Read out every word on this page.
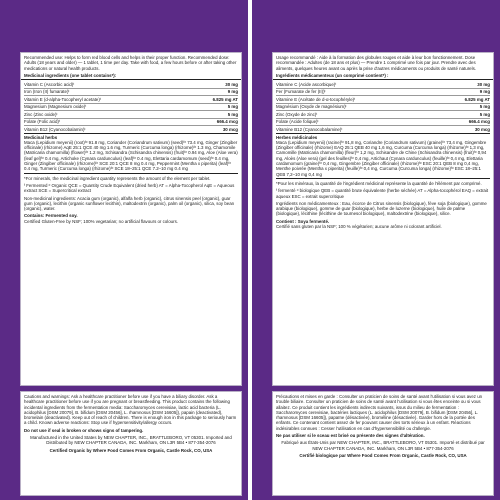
Recommended use: Helps to form red blood cells and helps in their proper function. Recommended dose: Adults (18 years and older) — 1 tablet, 1 time per day. Take with food, a few hours before or after taking other medications or natural health products.
Medicinal ingredients (one tablet contains*):
Vitamin C (Ascorbic acid)ᵗ	30 mg
Iron (Iron (II) fumarate)ᵗ	9 mg
Vitamin E (d-alpha-Tocopheryl acetate)ᵗ	6.825 mg AT
Magnesium (Magnesium oxide)ᵗ	5 mg
Zinc (Zinc oxide)ᵗ	5 mg
Folate (Folic acid)ᵗ	666.4 mcg
Vitamin B12 (Cyanocobalamin)ᵗ	30 mcg
Medicinal herbs
Maca (Lepidium meyenii) (root)ᶠᵒ 91.8 mg, Coriander (Coriandrum sativum) (seed)ᶠᵒ 73.4 mg, Ginger (Zingiber officinale) (rhizome) AqE 25:1 QCE 40 mg 1.6 mg, Turmeric (Curcuma longa) (rhizome)ᶠᵒ 1.3 mg, Chamomile (Matricaria chamomilla) (flower)ᶠᵒ 1.2 mg, Schisandra (Schisandra chinensis) (fruit)ᶠᵒ 0.94 mg, Aloe (Aloe vera) (leaf gel)ᶠᵒ 0.4 mg, Artichoke (Cynara cardunculus) (leaf)ᶠᵒ 0.4 mg, Elettaria cardamomum (seed)ᶠᵒ 0.4 mg, Ginger (Zingiber officinale) (rhizome)ᶠᵒ SCE 20:1 QCE 8 mg 0.4 mg, Peppermint (Mentha x piperita) (leaf)ᶠᵒ 0.4 mg, Turmeric (Curcuma longa) (rhizome)ᶠᵒ SCE 18–25:1 QCE 7.2–10 mg 0.4 mg
*For minerals, the medicinal ingredient quantity represents the amount of the element per tablet.
ᶠ Fermented ᵒ Organic QCE = Quantity Crude Equivalent (dried herb) AT = Alpha-Tocopherol AqE = Aqueous extract SCE = Supercritical extract
Non-medicinal ingredients: Acacia gum (organic), alfalfa herb (organic), citrus sinensis peel (organic), guar gum (organic), lecithin (organic sunflower lecithin), maltodextrin (organic), palm oil (organic), silica, soy bean (organic), water.
Contains: Fermented soy.
Certified Gluten-Free by NSF; 100% vegetarian; no artificial flavours or colours.
Cautions and warnings: Ask a healthcare practitioner before use if you have a biliary disorder. Ask a healthcare practitioner before use if you are pregnant or breastfeeding. This product contains the following incidental ingredients from the fermentation media: Saccharomyces cerevisiae, lactic acid bacteria (L. acidophilus [DSM 20079], B. bifidum [DSM 20456], L. rhamnosus [DSM 16605]), papain (deactivated), bromelain (deactivated). Keep out of reach of children. There is enough iron in this package to seriously harm a child. Known adverse reactions: Stop use if hypersensitivity/allergy occurs.
Do not use if seal is broken or shows signs of tampering.
Manufactured in the United States by NEW CHAPTER, INC., BRATTLEBORO, VT 05301. Imported and Distributed by NEW CHAPTER CANADA, INC. Markham, ON L3R 5B4 • 877-354-2076
Certified Organic by Where Food Comes From Organic, Castle Rock, CO, USA
Usage recommandé : Aide à la formation des globules rouges et aide à leur bon fonctionnement. Dose recommandée : Adultes (de 18 ans et plus) — Prendre 1 comprimé une fois par jour. Prendre avec des aliments, quelques heures avant ou après la prise d'autres médicaments ou produits de santé naturels.
Ingrédients médicamenteux (un comprimé contient*) :
Vitamine C (Acide ascorbique)ᵗ	30 mg
Fer (Fumarate de fer (II))ᵗ	9 mg
Vitamine E (Acétate de d-α-tocophéryle)ᵗ	6.825 mg AT
Magnésium (Oxyde de magnésium)ᵗ	5 mg
Zinc (Oxyde de zinc)ᵗ	5 mg
Folate (Acide folique)ᵗ	666.4 mcg
Vitamine B12 (Cyanocobalamine)ᵗ	30 mcg
Herbes médicinales
Maca (Lepidium meyenii) (racine)ᶠᵒ 91,8 mg, Coriandre (Coriandrum sativum) (graine)ᶠᵒ 73,4 mg, Gingembre (Zingiber officinale) (rhizome) EAQ 25:1 QEB 40 mg 1,6 mg, Curcuma (Curcuma longa) (rhizome)ᶠᵒ 1,3 mg, Camomille (Matricaria chamomilla) (fleur)ᶠᵒ 1,2 mg, Schisandre de Chine (Schisandra chinensis) (fruit)ᶠᵒ 0,94 mg, Aloès (Aloe vera) (gel des feuilles)ᶠᵒ 0,4 mg, Artichaut (Cynara cardunculus) (feuille)ᶠᵒ 0,4 mg, Elettaria cardamomum (graine)ᶠᵒ 0,4 mg, Gingembre (Zingiber officinale) (rhizome)ᶠᵒ ESC 20:1 QEB 8 mg 0,4 mg, Menthe poivrée (Mentha x piperita) (feuille)ᶠᵒ 0,4 mg, Curcuma (Curcuma longa) (rhizome)ᶠᵒ ESC 18–25:1 QEB 7,2–10 mg 0,4 mg
*Pour les minéraux, la quantité de l'ingrédient médicinal représente la quantité de l'élément par comprimé.
ᶠ fermenté ᵒ biologique QEB = quantité brute équivalente (herbe séchée) AT = Alpha-tocophérol EAQ = extrait aqueux ESC = extrait supercritique
Ingrédients non médicamenteux : Eau, écorce de Citrus sinensis (biologique), fève soja (biologique), gomme arabique (biologique), gomme de guar (biologique), herbe de luzerne (biologique), huile de palme (biologique), lécithine (lécithine de tournesol biologique), maltodextrine (biologique), silice.
Contient : Soya fermenté.
Certifié sans gluten par la NSF; 100 % végétarien; aucune arôme ni colorant artificiel.
Précautions et mises en garde : Consulter un praticien de soins de santé avant l'utilisation si vous avez un trouble biliaire. Consulter un praticien de soins de santé avant l'utilisation si vous êtes enceinte ou si vous allaitez. Ce produit contient les ingrédients indirects suivants, issus du milieu de fermentation : Saccharomyces cerevisiae, bactéries lactiques (L. acidophilus [DSM 20079], B. bifidum [DSM 20456], L. rhamnosus [DSM 16605]), papaïne (désactivée), broméline (désactivée). Garder hors de la portée des enfants. Ce contenant contient assez de fer pouvant causer des torts sérieux à un enfant. Réactions indésirables connues : Cesser l'utilisation en cas d'hypersensibilité ou d'allergie.
Ne pas utiliser si le sceau est brisé ou présente des signes d'altération.
Fabriqué aux États-Unis par NEW CHAPTER, INC., BRATTLEBORO, VT 05301. Importé et distribué par NEW CHAPTER CANADA, INC. Markham, ON L3R 5B4 • 877-354-2076
Certifié biologique par Where Food Comes From Organic, Castle Rock, CO, USA
